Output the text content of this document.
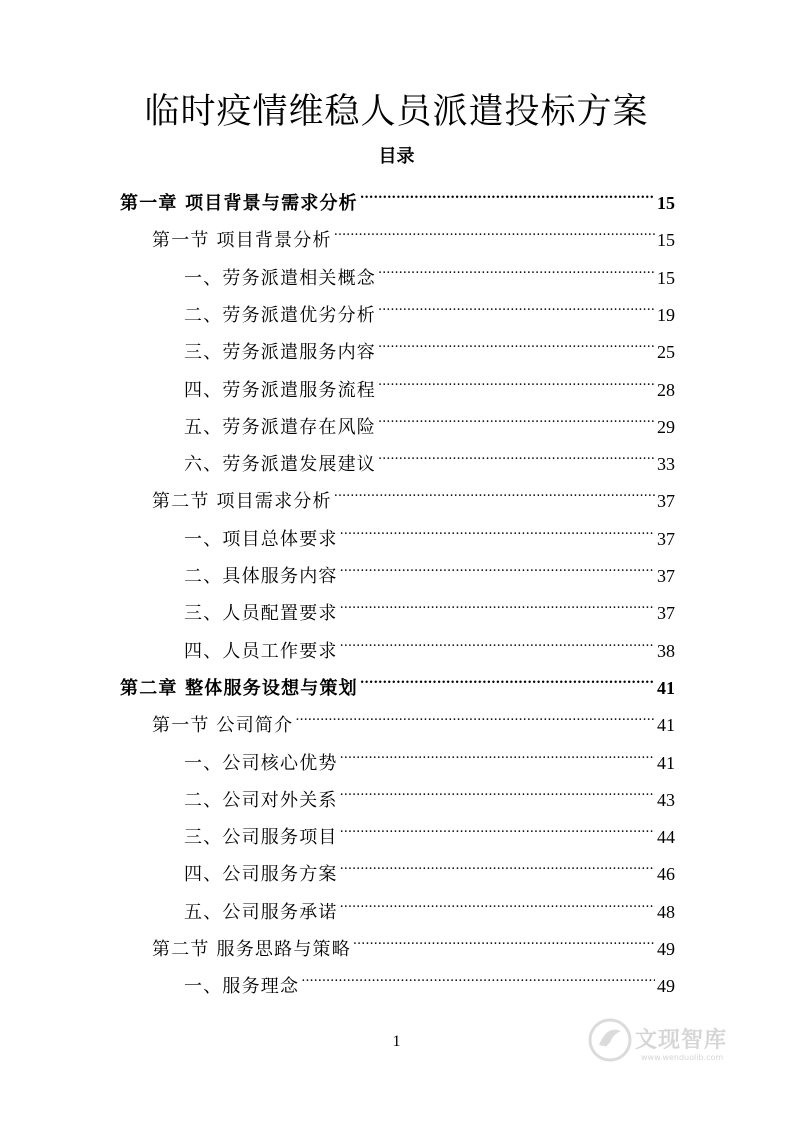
临时疫情维稳人员派遣投标方案
目录
第一章 项目背景与需求分析 .....	15
第一节 项目背景分析 .....	15
一、劳务派遣相关概念 .....	15
二、劳务派遣优劣分析 .....	19
三、劳务派遣服务内容 .....	25
四、劳务派遣服务流程 .....	28
五、劳务派遣存在风险 .....	29
六、劳务派遣发展建议 .....	33
第二节 项目需求分析 .....	37
一、项目总体要求 .....	37
二、具体服务内容 .....	37
三、人员配置要求 .....	37
四、人员工作要求 .....	38
第二章 整体服务设想与策划 .....	41
第一节 公司简介 .....	41
一、公司核心优势 .....	41
二、公司对外关系 .....	43
三、公司服务项目 .....	44
四、公司服务方案 .....	46
五、公司服务承诺 .....	48
第二节 服务思路与策略 .....	49
一、服务理念 .....	49
1	文现智库
www.wenduolib.com
